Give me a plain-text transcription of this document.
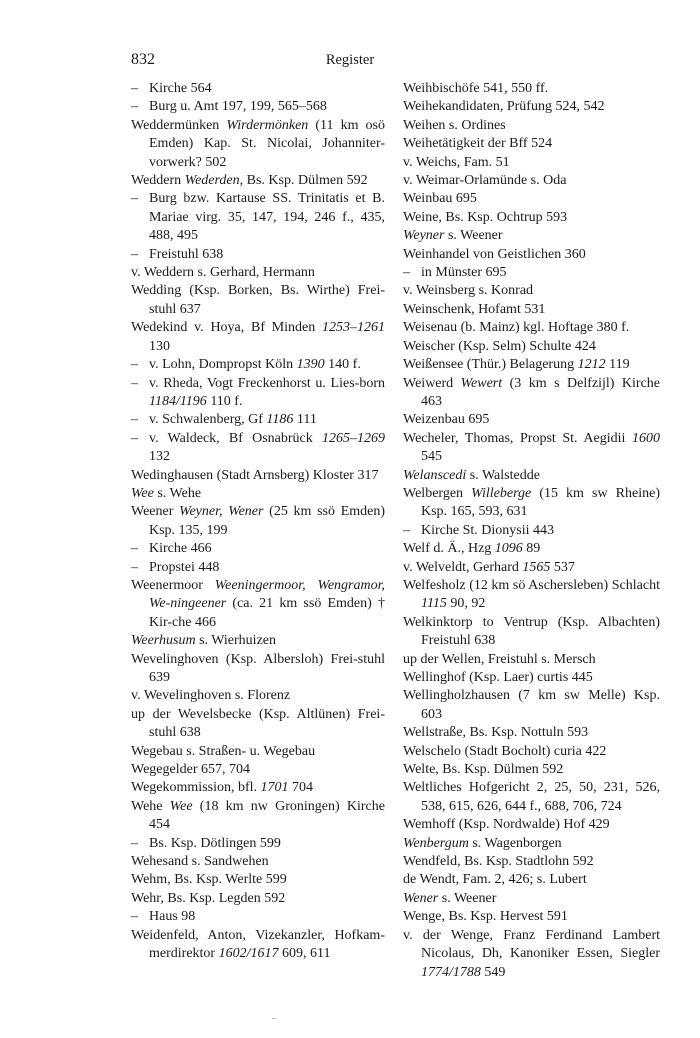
832	Register

– Kirche 564

– Burg u. Amt 197, 199, 565–568

Weddermünken Wirdermönken (11 km osö Emden) Kap. St. Nicolai, Johanniter-vorwerk? 502

Weddern Wederden, Bs. Ksp. Dülmen 592

– Burg bzw. Kartause SS. Trinitatis et B. Mariae virg. 35, 147, 194, 246 f., 435, 488, 495

– Freistuhl 638

v. Weddern s. Gerhard, Hermann

Wedding (Ksp. Borken, Bs. Wirthe) Frei-stuhl 637

Wedekind v. Hoya, Bf Minden 1253–1261 130

– v. Lohn, Dompropst Köln 1390 140 f.

– v. Rheda, Vogt Freckenhorst u. Lies-born 1184/1196 110 f.

– v. Schwalenberg, Gf 1186 111

– v. Waldeck, Bf Osnabrück 1265–1269 132

Wedinghausen (Stadt Arnsberg) Kloster 317

Wee s. Wehe

Weener Weyner, Wener (25 km ssö Emden) Ksp. 135, 199

– Kirche 466

– Propstei 448

Weenermoor Weeningermoor, Wengramor, We-ningeener (ca. 21 km ssö Emden) † Kir-che 466

Weerhusum s. Wierhuizen

Wevelinghoven (Ksp. Albersloh) Frei-stuhl 639

v. Wevelinghoven s. Florenz

up der Wevelsbecke (Ksp. Altlünen) Frei-stuhl 638

Wegebau s. Straßen- u. Wegebau

Wegegelder 657, 704

Wegekommission, bfl. 1701 704

Wehe Wee (18 km nw Groningen) Kirche 454

– Bs. Ksp. Dötlingen 599

Wehesand s. Sandwehen

Wehm, Bs. Ksp. Werlte 599

Wehr, Bs. Ksp. Legden 592

– Haus 98

Weidenfeld, Anton, Vizekanzler, Hofkam-merdirektor 1602/1617 609, 611

Weihbischöfe 541, 550 ff.

Weihekandidaten, Prüfung 524, 542

Weihen s. Ordines

Weihetätigkeit der Bff 524

v. Weichs, Fam. 51

v. Weimar-Orlamünde s. Oda

Weinbau 695

Weine, Bs. Ksp. Ochtrup 593

Weyner s. Weener

Weinhandel von Geistlichen 360

– in Münster 695

v. Weinsberg s. Konrad

Weinschenk, Hofamt 531

Weisenau (b. Mainz) kgl. Hoftage 380 f.

Weischer (Ksp. Selm) Schulte 424

Weißensee (Thür.) Belagerung 1212 119

Weiwerd Wewert (3 km s Delfzijl) Kirche 463

Weizenbau 695

Wecheler, Thomas, Propst St. Aegidii 1600 545

Welanscedi s. Walstedde

Welbergen Willeberge (15 km sw Rheine) Ksp. 165, 593, 631

– Kirche St. Dionysii 443

Welf d. Ä., Hzg 1096 89

v. Welveldt, Gerhard 1565 537

Welfesholz (12 km sö Aschersleben) Schlacht 1115 90, 92

Welkinktorp to Ventrup (Ksp. Albachten) Freistuhl 638

up der Wellen, Freistuhl s. Mersch

Wellinghof (Ksp. Laer) curtis 445

Wellingholzhausen (7 km sw Melle) Ksp. 603

Wellstraße, Bs. Ksp. Nottuln 593

Welschelo (Stadt Bocholt) curia 422

Welte, Bs. Ksp. Dülmen 592

Weltliches Hofgericht 2, 25, 50, 231, 526, 538, 615, 626, 644 f., 688, 706, 724

Wemhoff (Ksp. Nordwalde) Hof 429

Wenbergum s. Wagenborgen

Wendfeld, Bs. Ksp. Stadtlohn 592

de Wendt, Fam. 2, 426; s. Lubert

Wener s. Weener

Wenge, Bs. Ksp. Hervest 591

v. der Wenge, Franz Ferdinand Lambert Nicolaus, Dh, Kanoniker Essen, Siegler 1774/1788 549
